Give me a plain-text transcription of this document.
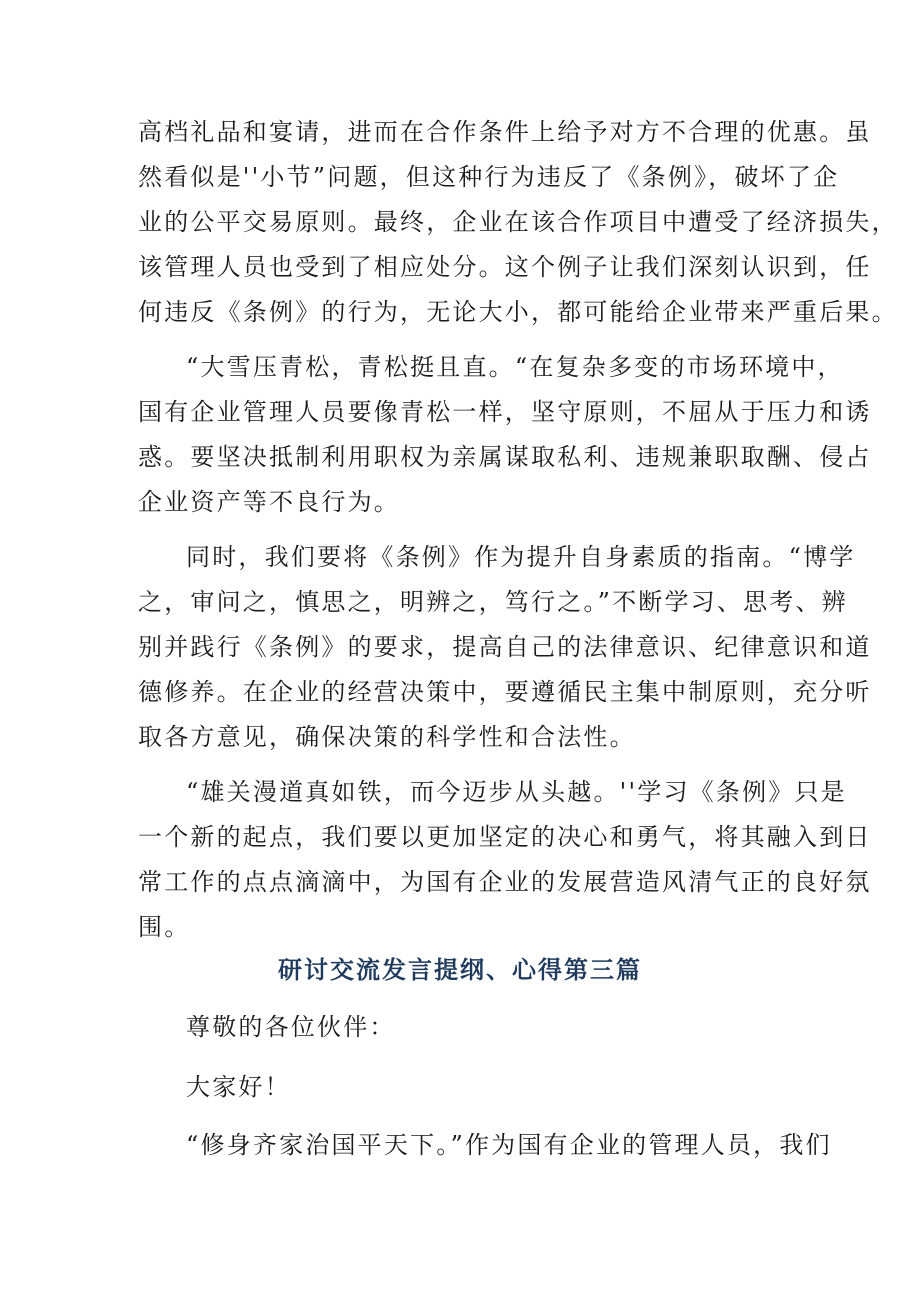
高档礼品和宴请，进而在合作条件上给予对方不合理的优惠。虽
然看似是''小节”问题，但这种行为违反了《条例》，破坏了企
业的公平交易原则。最终，企业在该合作项目中遭受了经济损失，
该管理人员也受到了相应处分。这个例子让我们深刻认识到，任
何违反《条例》的行为，无论大小，都可能给企业带来严重后果。
“大雪压青松，青松挺且直。“在复杂多变的市场环境中，
国有企业管理人员要像青松一样，坚守原则，不屈从于压力和诱
惑。要坚决抵制利用职权为亲属谋取私利、违规兼职取酬、侵占
企业资产等不良行为。
同时，我们要将《条例》作为提升自身素质的指南。“博学
之，审问之，慎思之，明辨之，笃行之。”不断学习、思考、辨
别并践行《条例》的要求，提高自己的法律意识、纪律意识和道
德修养。在企业的经营决策中，要遵循民主集中制原则，充分听
取各方意见，确保决策的科学性和合法性。
“雄关漫道真如铁，而今迈步从头越。''学习《条例》只是
一个新的起点，我们要以更加坚定的决心和勇气，将其融入到日
常工作的点点滴滴中，为国有企业的发展营造风清气正的良好氛
围。
尊敬的各位伙伴：
大家好！
“修身齐家治国平天下。”作为国有企业的管理人员，我们
研讨交流发言提纲、心得第三篇
